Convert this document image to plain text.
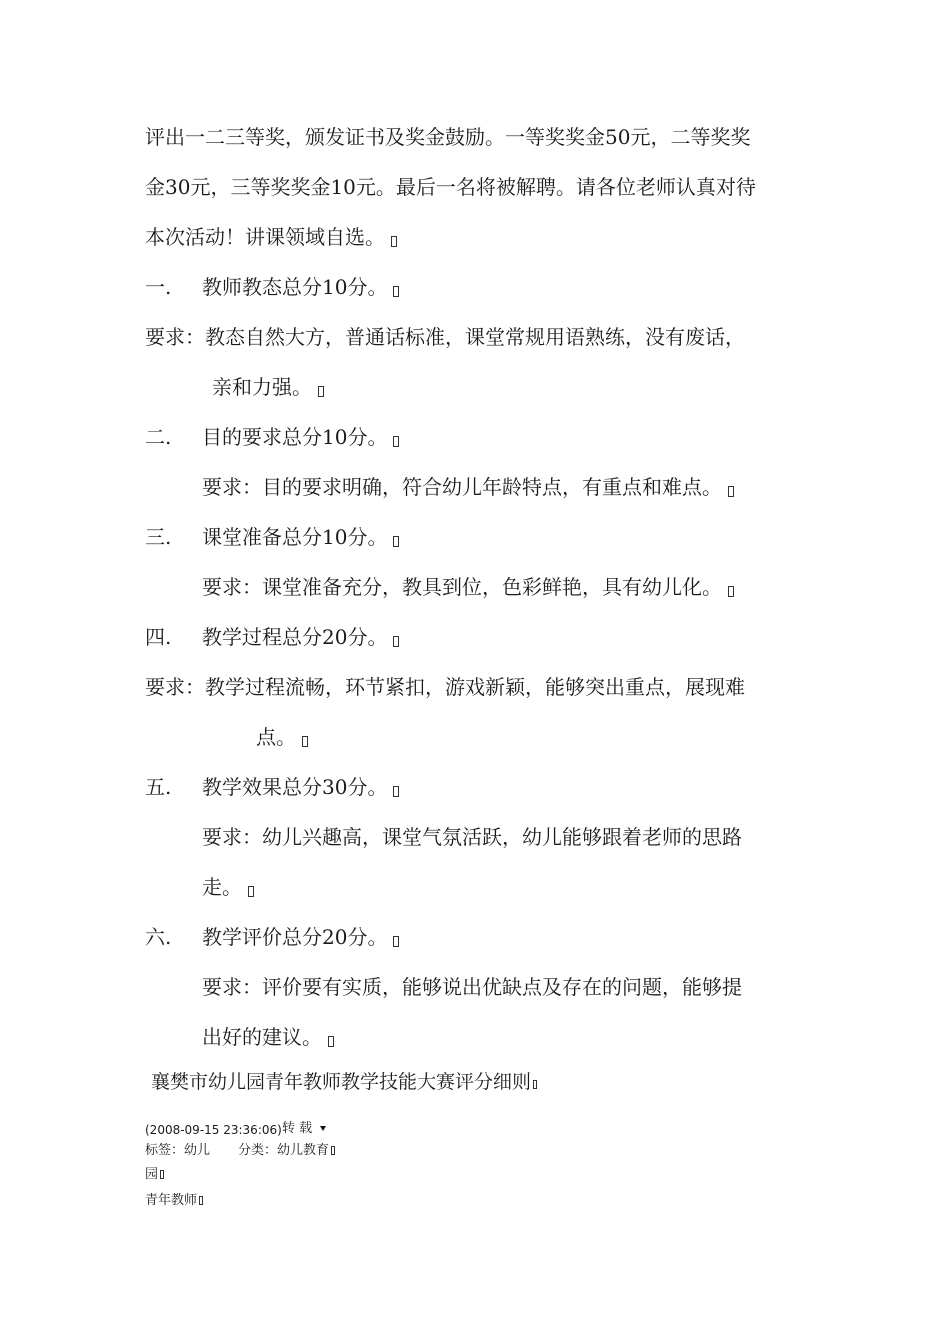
评出一二三等奖，颁发证书及奖金鼓励。一等奖奖金50元，二等奖奖
金30元，三等奖奖金10元。最后一名将被解聘。请各位老师认真对待
本次活动！讲课领域自选。
一. 教师教态总分10分。
要求：教态自然大方，普通话标准，课堂常规用语熟练，没有废话，
亲和力强。
二. 目的要求总分10分。
要求：目的要求明确，符合幼儿年龄特点，有重点和难点。
三. 课堂准备总分10分。
要求：课堂准备充分，教具到位，色彩鲜艳，具有幼儿化。
四. 教学过程总分20分。
要求：教学过程流畅，环节紧扣，游戏新颖，能够突出重点，展现难
点。
五. 教学效果总分30分。
要求：幼儿兴趣高，课堂气氛活跃，幼儿能够跟着老师的思路
走。
六. 教学评价总分20分。
要求：评价要有实质，能够说出优缺点及存在的问题，能够提
出好的建议。
襄樊市幼儿园青年教师教学技能大赛评分细则
(2008-09-15 23:36:06) 转 载
标签：幼儿 分类：幼儿教育
园
青年教师
